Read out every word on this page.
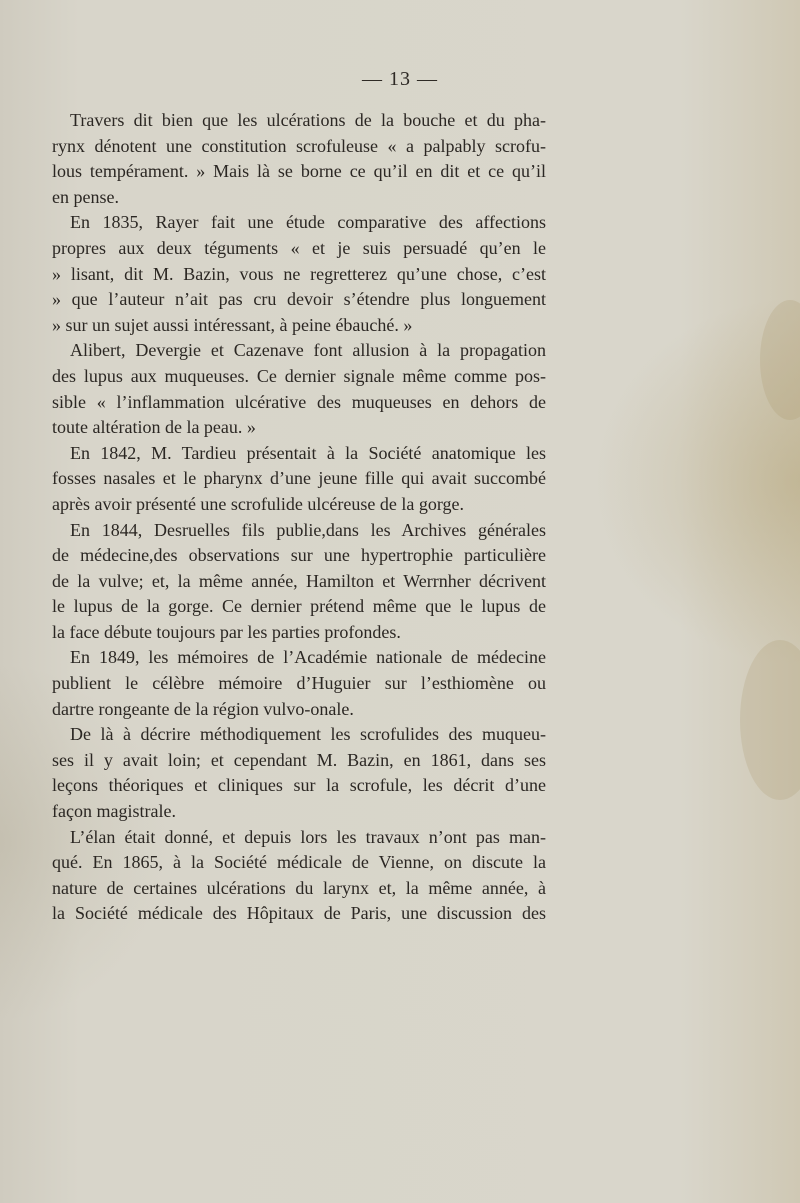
— 13 —
Travers dit bien que les ulcérations de la bouche et du pha-
rynx dénotent une constitution scrofuleuse « a palpably scrofu-
lous tempérament. » Mais là se borne ce qu’il en dit et ce qu’il
en pense.
En 1835, Rayer fait une étude comparative des affections
propres aux deux téguments « et je suis persuadé qu’en le
» lisant, dit M. Bazin, vous ne regretterez qu’une chose, c’est
» que l’auteur n’ait pas cru devoir s’étendre plus longuement
» sur un sujet aussi intéressant, à peine ébauché. »
Alibert, Devergie et Cazenave font allusion à la propagation
des lupus aux muqueuses. Ce dernier signale même comme pos-
sible « l’inflammation ulcérative des muqueuses en dehors de
toute altération de la peau. »
En 1842, M. Tardieu présentait à la Société anatomique les
fosses nasales et le pharynx d’une jeune fille qui avait succombé
après avoir présenté une scrofulide ulcéreuse de la gorge.
En 1844, Desruelles fils publie,dans les Archives générales
de médecine,des observations sur une hypertrophie particulière
de la vulve; et, la même année, Hamilton et Werrnher décrivent
le lupus de la gorge. Ce dernier prétend même que le lupus de
la face débute toujours par les parties profondes.
En 1849, les mémoires de l’Académie nationale de médecine
publient le célèbre mémoire d’Huguier sur l’esthiomène ou
dartre rongeante de la région vulvo-onale.
De là à décrire méthodiquement les scrofulides des muqueu-
ses il y avait loin; et cependant M. Bazin, en 1861, dans ses
leçons théoriques et cliniques sur la scrofule, les décrit d’une
façon magistrale.
L’élan était donné, et depuis lors les travaux n’ont pas man-
qué. En 1865, à la Société médicale de Vienne, on discute la
nature de certaines ulcérations du larynx et, la même année, à
la Société médicale des Hôpitaux de Paris, une discussion des
